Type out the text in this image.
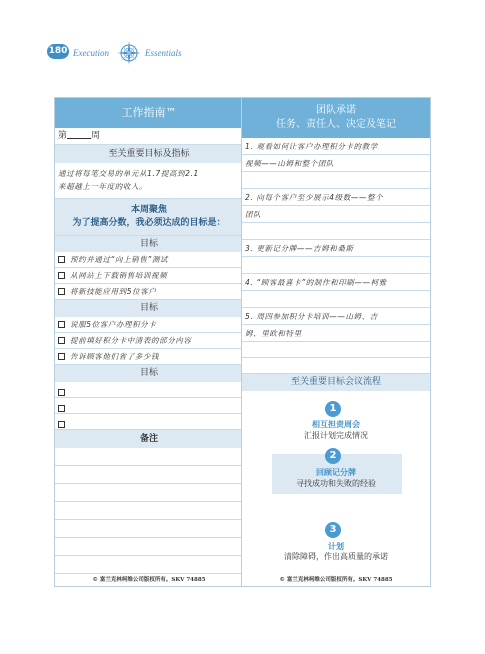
180 Execution	Essentials
工作指南™
第	周
至关重要目标及指标
通过将每笔交易的单元从1.7提高到2.1
来超越上一年度的收入。
本周聚焦
为了提高分数，我必须达成的目标是：
目标
预约并通过“向上销售”测试
从网站上下载销售培训视频
将新技能应用到5位客户
目标
说服5位客户办理积分卡
提前填好积分卡中清表的部分内容
告诉顾客他们省了多少钱
目标
备注
© 富兰克林柯维公司版权所有。SKV 74885
团队承诺
任务、责任人、决定及笔记
1. 观看如何让客户办理积分卡的教学
视频——山姆和整个团队
2. 向每个客户至少展示4级数——整个
团队
3. 更新记分牌——吉姆和桑斯
4. “顾客最喜卡”的制作和印刷——柯雅
5. 周四参加积分卡培训——山姆、吉
姆、里欧和特里
至关重要目标会议流程
1
相互担责周会
汇报计划完成情况
2
回顾记分牌
寻找成功和失败的经验
3
计划
清除障碍，作出高质量的承诺
© 富兰克林柯维公司版权所有。SKV 74885
